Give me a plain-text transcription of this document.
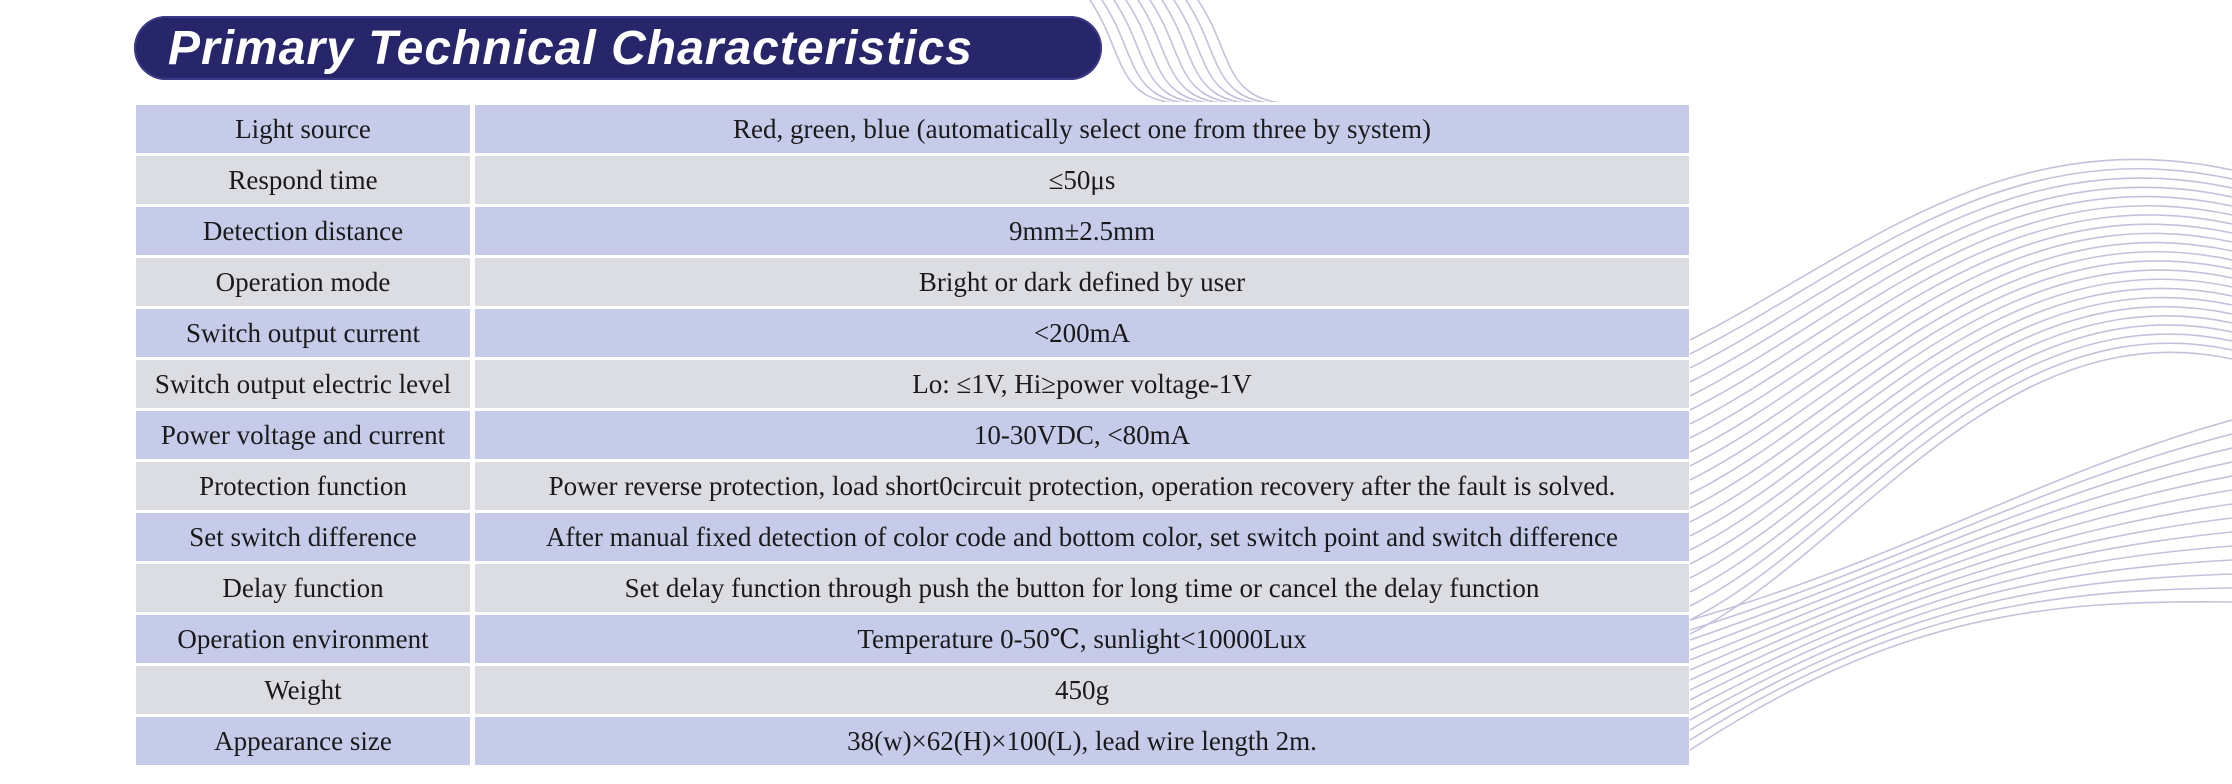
Primary Technical Characteristics
Light source	Red, green, blue (automatically select one from three by system)
Respond time	≤50μs
Detection distance	9mm±2.5mm
Operation mode	Bright or dark defined by user
Switch output current	<200mA
Switch output electric level	Lo: ≤1V, Hi≥power voltage-1V
Power voltage and current	10-30VDC, <80mA
Protection function	Power reverse protection, load short0circuit protection, operation recovery after the fault is solved.
Set switch difference	After manual fixed detection of color code and bottom color, set switch point and switch difference
Delay function	Set delay function through push the button for long time or cancel the delay function
Operation environment	Temperature 0-50℃, sunlight<10000Lux
Weight	450g
Appearance size	38(w)×62(H)×100(L), lead wire length 2m.
